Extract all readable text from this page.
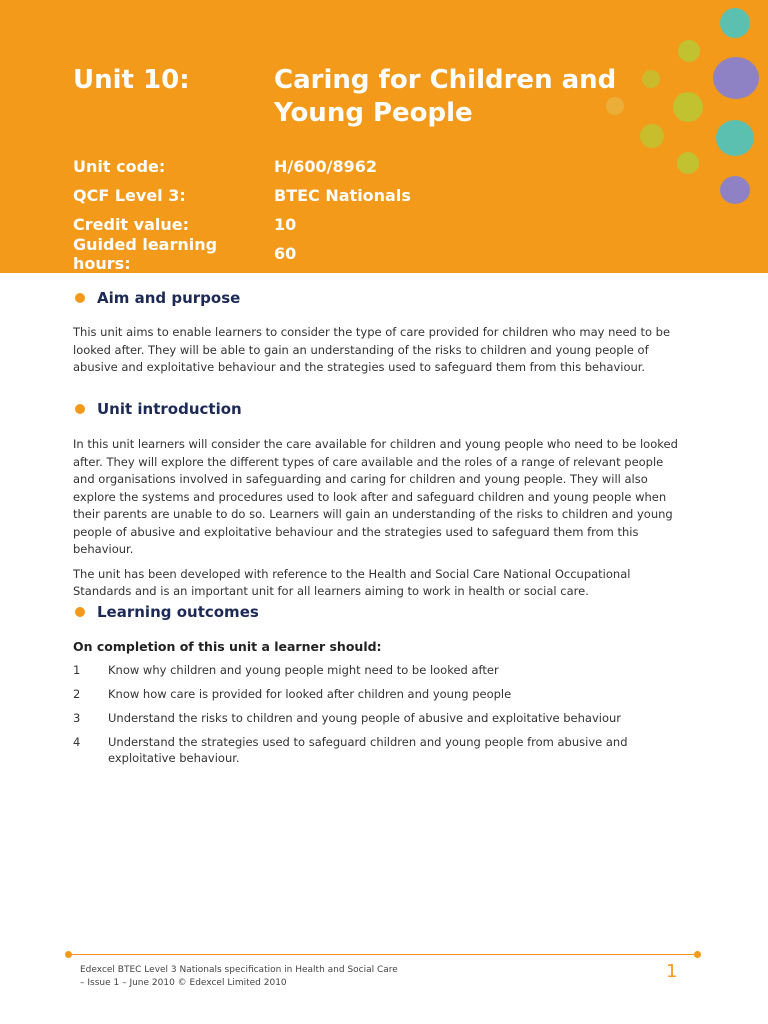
Unit 10:	Caring for Children and Young People
Unit code:	H/600/8962
QCF Level 3:	BTEC Nationals
Credit value:	10
Guided learning hours:	60
Aim and purpose

This unit aims to enable learners to consider the type of care provided for children who may need to be looked after. They will be able to gain an understanding of the risks to children and young people of abusive and exploitative behaviour and the strategies used to safeguard them from this behaviour.

Unit introduction

In this unit learners will consider the care available for children and young people who need to be looked after. They will explore the different types of care available and the roles of a range of relevant people and organisations involved in safeguarding and caring for children and young people. They will also explore the systems and procedures used to look after and safeguard children and young people when their parents are unable to do so. Learners will gain an understanding of the risks to children and young people of abusive and exploitative behaviour and the strategies used to safeguard them from this behaviour.

The unit has been developed with reference to the Health and Social Care National Occupational Standards and is an important unit for all learners aiming to work in health or social care.

Learning outcomes

On completion of this unit a learner should:

1 Know why children and young people might need to be looked after
2 Know how care is provided for looked after children and young people
3 Understand the risks to children and young people of abusive and exploitative behaviour
4 Understand the strategies used to safeguard children and young people from abusive and exploitative behaviour.
Edexcel BTEC Level 3 Nationals specification in Health and Social Care
– Issue 1 – June 2010 © Edexcel Limited 2010
1
